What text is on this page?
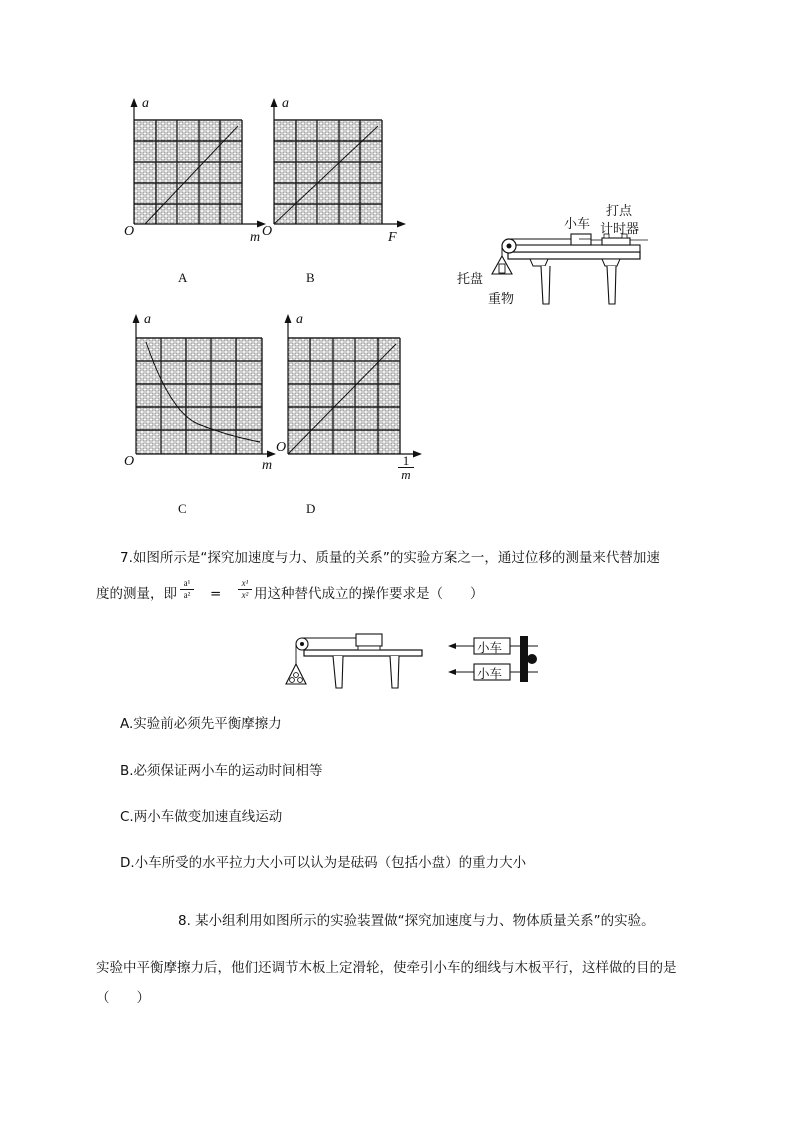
a
O	m
A
a
O	F
B
小车
打点
计时器
托盘
重物
a
O	m
C
a
O
$\frac{1}{m}$
D
7.如图所示是“探究加速度与力、质量的关系”的实验方案之一，通过位移的测量来代替加速
度的测量，即 $\frac{\text{a¹}}{\text{a²}} = \frac{\text{x¹}}{\text{x²}}$ 用这种替代成立的操作要求是（　　）
小车
小车
A.实验前必须先平衡摩擦力
B.必须保证两小车的运动时间相等
C.两小车做变加速直线运动
D.小车所受的水平拉力大小可以认为是砝码（包括小盘）的重力大小
8. 某小组利用如图所示的实验装置做“探究加速度与力、物体质量关系”的实验。
实验中平衡摩擦力后，他们还调节木板上定滑轮，使牵引小车的细线与木板平行，这样做的目的是
（　　）
